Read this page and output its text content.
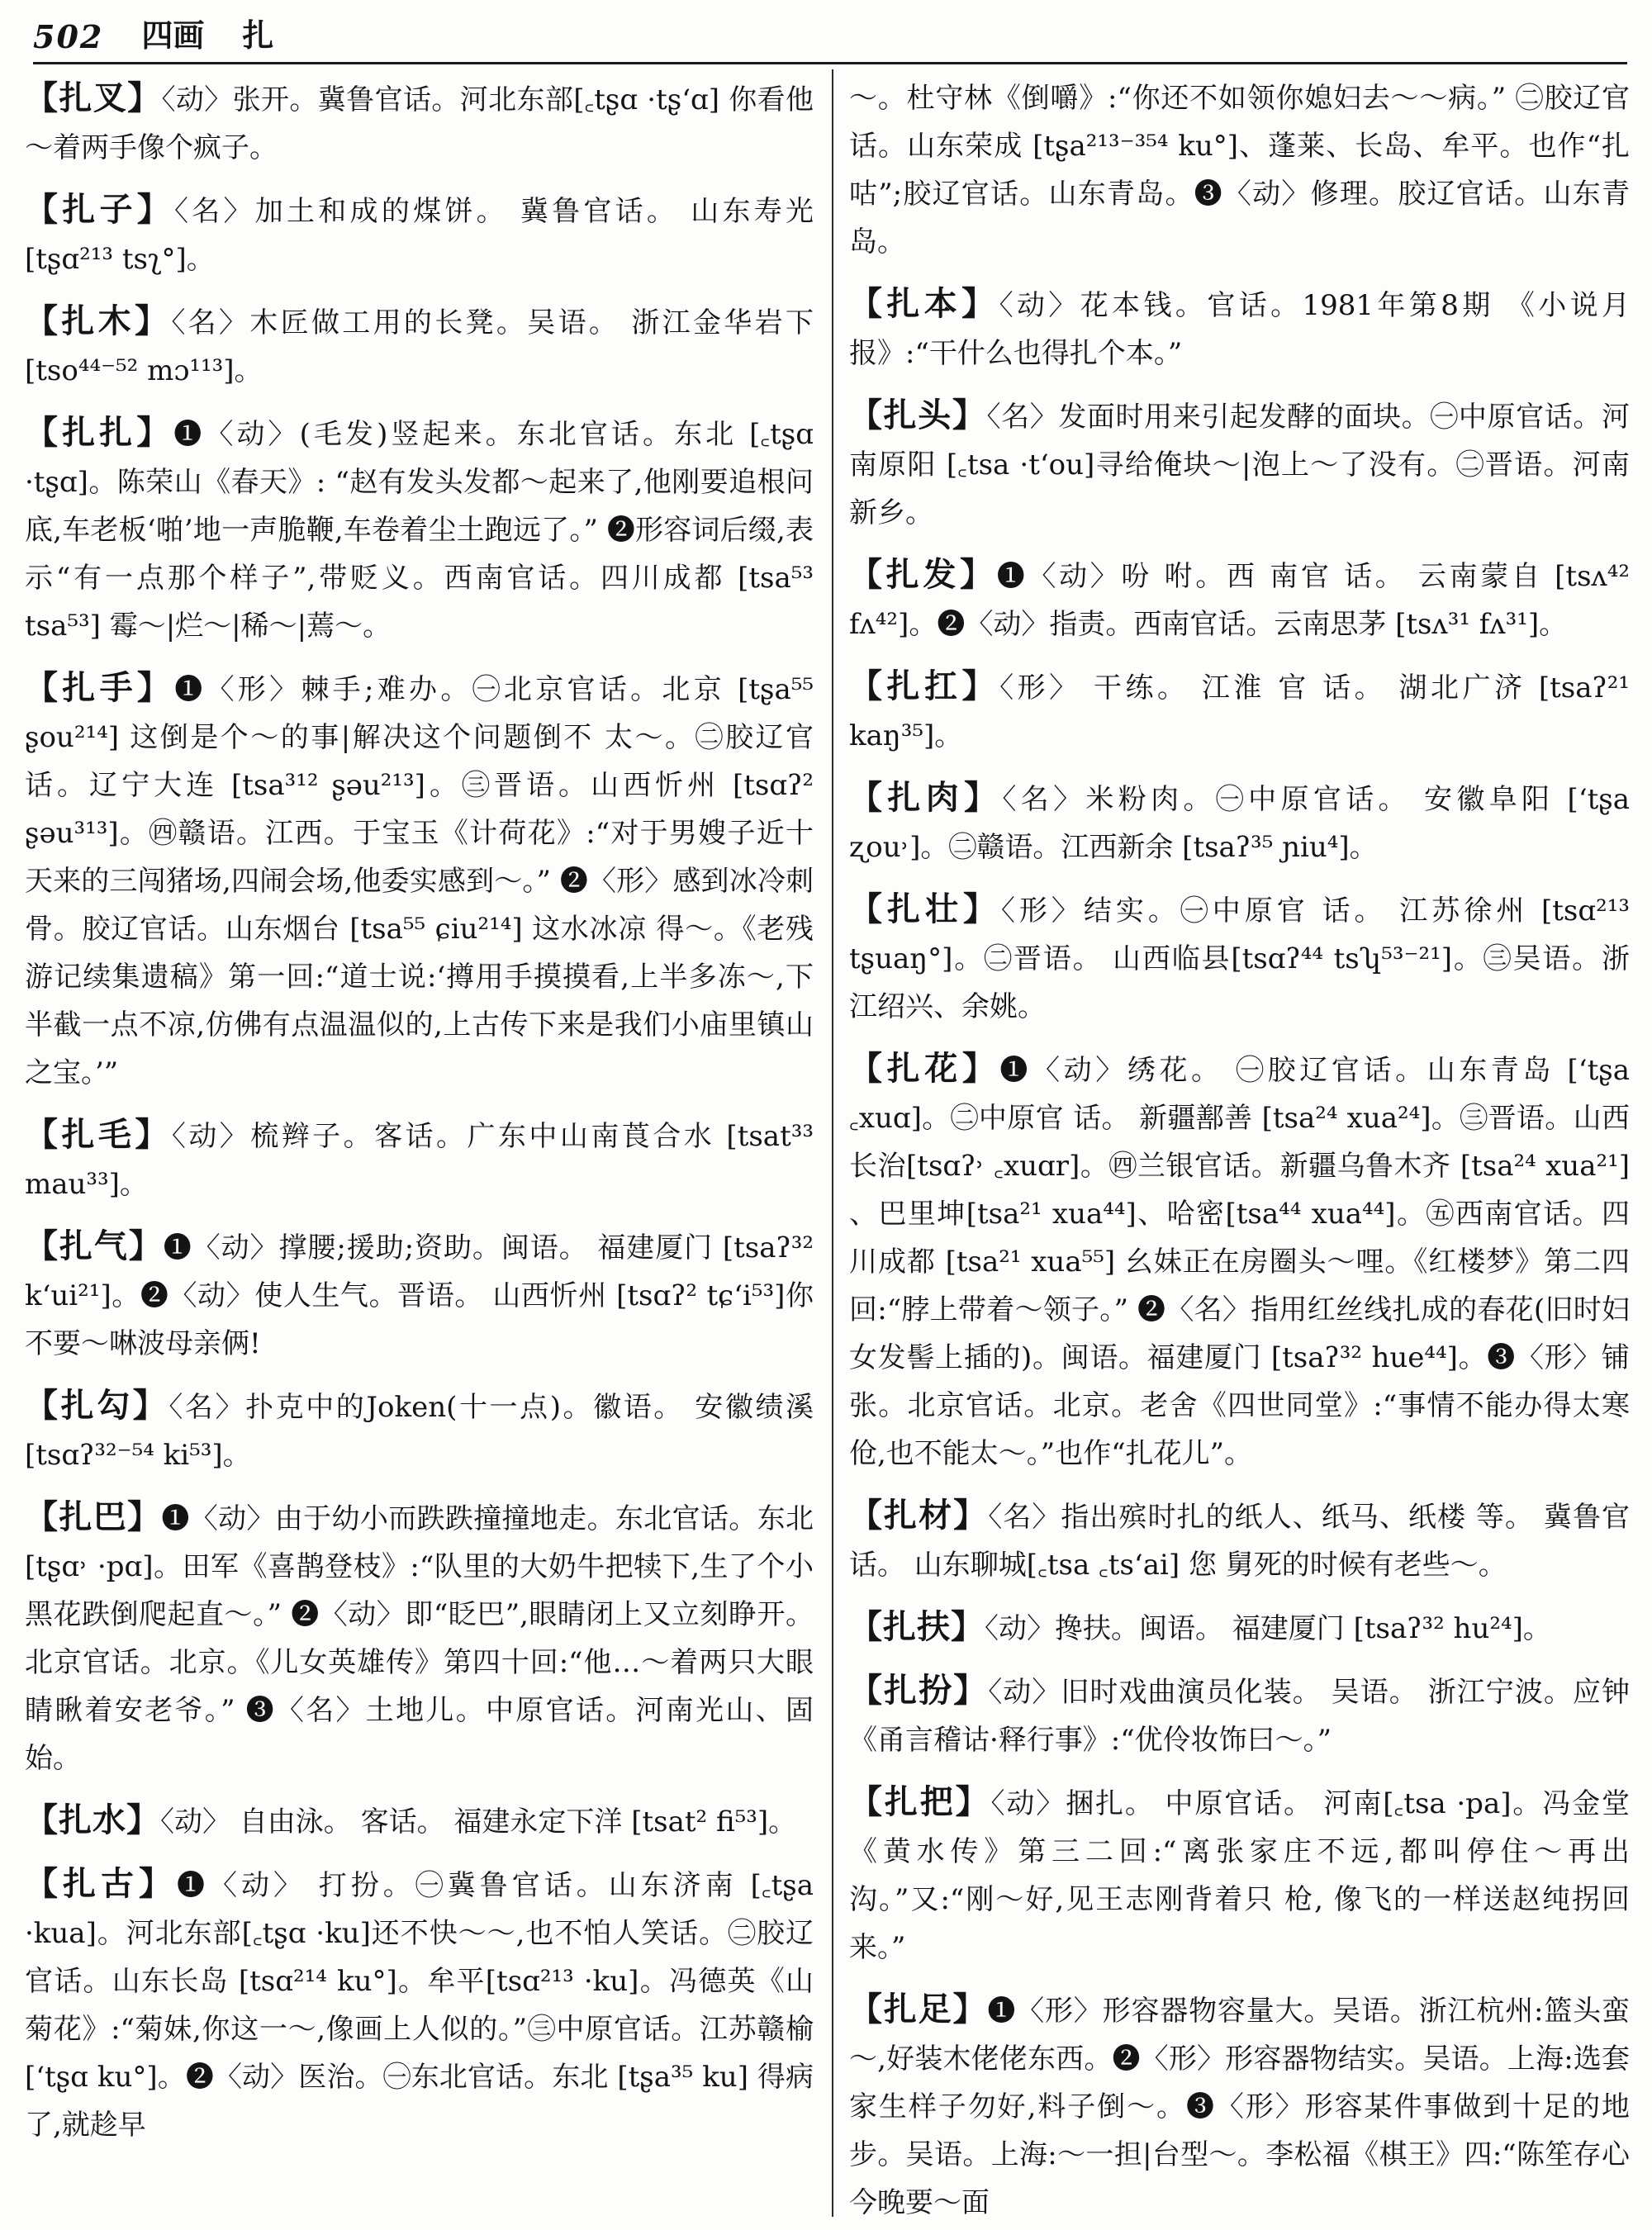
502 四画 扎

【扎叉】〈动〉张开。冀鲁官话。河北东部[꜀tʂɑ ·tʂ‘ɑ] 你看他～着两手像个疯子。

【扎子】〈名〉加土和成的煤饼。 冀鲁官话。 山东寿光 [tʂɑ²¹³ tsʅ°]。

【扎木】〈名〉木匠做工用的长凳。吴语。 浙江金华岩下 [tso⁴⁴⁻⁵² mɔ¹¹³]。

【扎扎】❶〈动〉(毛发)竖起来。东北官话。东北 [꜀tʂɑ ·tʂɑ]。陈荣山《春天》: “赵有发头发都～起来了,他刚要追根问底,车老板‘啪’地一声脆鞭,车卷着尘土跑远了。” ❷形容词后缀,表示“有一点那个样子”,带贬义。西南官话。四川成都 [tsa⁵³ tsa⁵³] 霉～|烂～|稀～|蔫～。

【扎手】❶〈形〉棘手;难办。㊀北京官话。北京 [tʂa⁵⁵ ʂou²¹⁴] 这倒是个～的事|解决这个问题倒不 太～。㊁胶辽官话。辽宁大连 [tsa³¹² ʂəu²¹³]。㊂晋语。山西忻州 [tsɑʔ² ʂəu³¹³]。㊃赣语。江西。于宝玉《计荷花》:“对于男嫂子近十天来的三闯猪场,四闹会场,他委实感到～。” ❷〈形〉感到冰冷刺骨。胶辽官话。山东烟台 [tsa⁵⁵ ɕiu²¹⁴] 这水冰凉 得～。《老残游记续集遗稿》第一回:“道士说:‘撙用手摸摸看,上半多冻～,下半截一点不凉,仿佛有点温温似的,上古传下来是我们小庙里镇山之宝。’”

【扎毛】〈动〉梳辫子。客话。广东中山南莨合水 [tsat³³ mau³³]。

【扎气】❶〈动〉撑腰;援助;资助。闽语。 福建厦门 [tsaʔ³² k‘ui²¹]。❷〈动〉使人生气。晋语。 山西忻州 [tsɑʔ² tɕ‘i⁵³]你不要～啉波母亲俩!

【扎勾】〈名〉扑克中的Joken(十一点)。徽语。 安徽绩溪 [tsɑʔ³²⁻⁵⁴ ki⁵³]。

【扎巴】❶〈动〉由于幼小而跌跌撞撞地走。东北官话。东北[tʂɑ˒ ·pɑ]。田军《喜鹊登枝》:“队里的大奶牛把犊下,生了个小黑花跌倒爬起直～。” ❷〈动〉即“眨巴”,眼睛闭上又立刻睁开。北京官话。北京。《儿女英雄传》第四十回:“他…～着两只大眼睛瞅着安老爷。” ❸〈名〉土地儿。中原官话。河南光山、固始。

【扎水】〈动〉 自由泳。 客话。 福建永定下洋 [tsat² fi⁵³]。

【扎古】❶〈动〉 打扮。㊀冀鲁官话。山东济南 [꜀tʂa ·kua]。河北东部[꜀tʂɑ ·ku]还不快～～,也不怕人笑话。㊁胶辽官话。山东长岛 [tsɑ²¹⁴ ku°]。牟平[tsɑ²¹³ ·ku]。冯德英《山菊花》:“菊妹,你这一～,像画上人似的。”㊂中原官话。江苏赣榆[‘tʂɑ ku°]。❷〈动〉医治。㊀东北官话。东北 [tʂa³⁵ ku] 得病了,就趁早

～。杜守林《倒嚼》:“你还不如领你媳妇去～～病。” ㊁胶辽官话。山东荣成 [tʂa²¹³⁻³⁵⁴ ku°]、蓬莱、长岛、牟平。也作“扎咕”;胶辽官话。山东青岛。❸〈动〉修理。胶辽官话。山东青岛。

【扎本】〈动〉花本钱。官话。1981年第8期 《小说月报》:“干什么也得扎个本。”

【扎头】〈名〉发面时用来引起发酵的面块。㊀中原官话。河南原阳 [꜀tsa ·t‘ou]寻给俺块～|泡上～了没有。㊁晋语。河南新乡。

【扎发】❶〈动〉吩 咐。西 南官 话。 云南蒙自 [tsʌ⁴² fʌ⁴²]。❷〈动〉指责。西南官话。云南思茅 [tsʌ³¹ fʌ³¹]。

【扎扛】〈形〉 干练。 江淮 官 话。 湖北广济 [tsaʔ²¹ kaŋ³⁵]。

【扎肉】〈名〉米粉肉。㊀中原官话。 安徽阜阳 [‘tʂa ʐou˒]。㊁赣语。江西新余 [tsaʔ³⁵ ɲiu⁴]。

【扎壮】〈形〉结实。㊀中原官 话。 江苏徐州 [tsɑ²¹³ tʂuaŋ°]。㊁晋语。 山西临县[tsɑʔ⁴⁴ tsʮ⁵³⁻²¹]。㊂吴语。浙江绍兴、余姚。

【扎花】❶〈动〉绣花。 ㊀胶辽官话。山东青岛 [‘tʂa ꜀xuɑ]。㊁中原官 话。 新疆鄯善 [tsa²⁴ xua²⁴]。㊂晋语。山西长治[tsɑʔ˒ ꜀xuɑr]。㊃兰银官话。新疆乌鲁木齐 [tsa²⁴ xua²¹] 、巴里坤[tsa²¹ xua⁴⁴]、哈密[tsa⁴⁴ xua⁴⁴]。㊄西南官话。四川成都 [tsa²¹ xua⁵⁵] 幺妹正在房圈头～哩。《红楼梦》第二四回:“脖上带着～领子。” ❷〈名〉指用红丝线扎成的春花(旧时妇女发髻上插的)。闽语。福建厦门 [tsaʔ³² hue⁴⁴]。❸〈形〉铺张。北京官话。北京。老舍《四世同堂》:“事情不能办得太寒伧,也不能太～。”也作“扎花儿”。

【扎材】〈名〉指出殡时扎的纸人、纸马、纸楼 等。 冀鲁官话。 山东聊城[꜀tsa ꜀ts‘ai] 您 舅死的时候有老些～。

【扎扶】〈动〉搀扶。闽语。 福建厦门 [tsaʔ³² hu²⁴]。

【扎扮】〈动〉旧时戏曲演员化装。 吴语。 浙江宁波。应钟《甬言稽诂·释行事》:“优伶妆饰曰～。”

【扎把】〈动〉捆扎。 中原官话。 河南[꜀tsa ·pa]。冯金堂《黄水传》第三二回:“离张家庄不远,都叫停住～再出沟。”又:“刚～好,见王志刚背着只 枪, 像飞的一样送赵纯拐回来。”

【扎足】❶〈形〉形容器物容量大。吴语。浙江杭州:篮头蛮～,好装木佬佬东西。❷〈形〉形容器物结实。吴语。上海:选套家生样子勿好,料子倒～。❸〈形〉形容某件事做到十足的地步。吴语。上海:～一担|台型～。李松福《棋王》四:“陈笙存心今晚要～面
